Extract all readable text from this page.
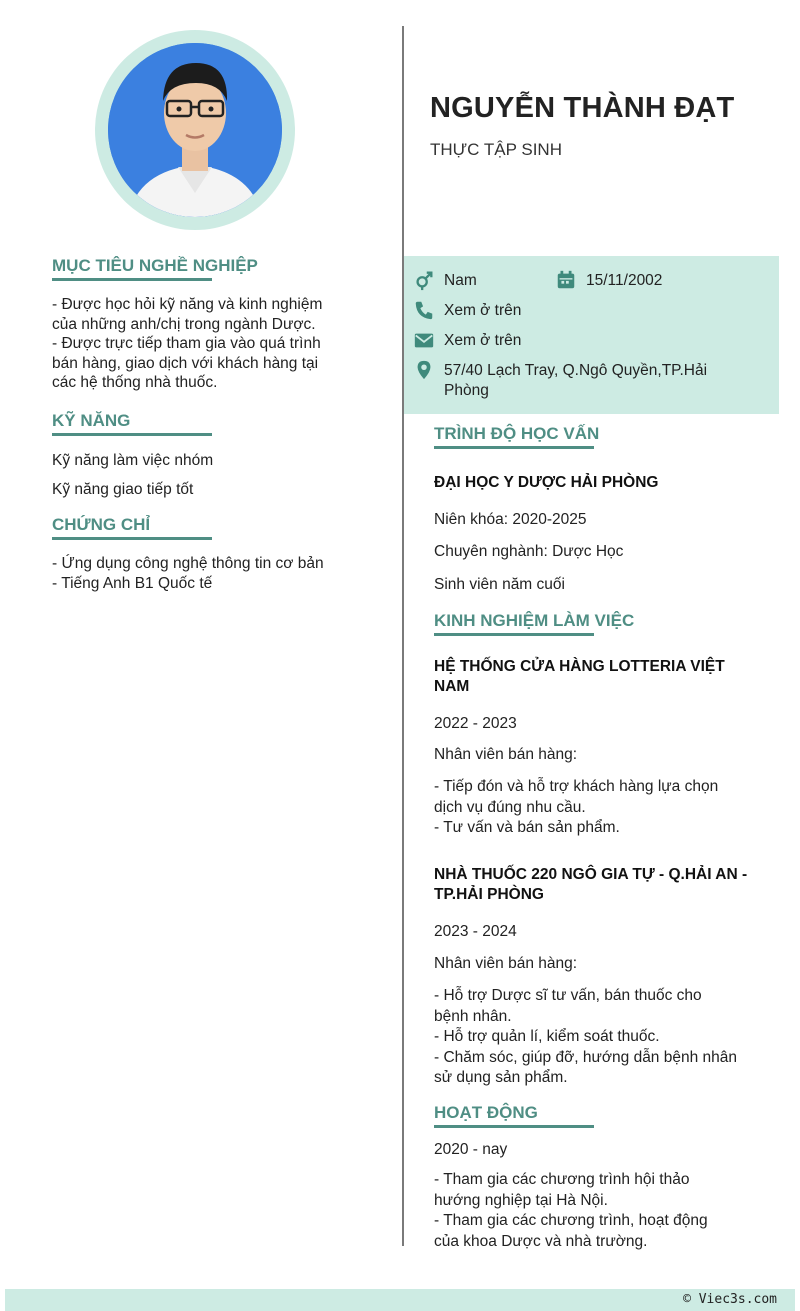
MỤC TIÊU NGHỀ NGHIỆP
- Được học hỏi kỹ năng và kinh nghiệm
của những anh/chị trong ngành Dược.
- Được trực tiếp tham gia vào quá trình
bán hàng, giao dịch với khách hàng tại
các hệ thống nhà thuốc.
KỸ NĂNG
Kỹ năng làm việc nhóm
Kỹ năng giao tiếp tốt
CHỨNG CHỈ
- Ứng dụng công nghệ thông tin cơ bản
- Tiếng Anh B1 Quốc tế
NGUYỄN THÀNH ĐẠT
THỰC TẬP SINH
Nam	15/11/2002
Xem ở trên
Xem ở trên
57/40 Lạch Tray, Q.Ngô Quyền,TP.Hải Phòng
TRÌNH ĐỘ HỌC VẤN
ĐẠI HỌC Y DƯỢC HẢI PHÒNG
Niên khóa: 2020-2025
Chuyên nghành: Dược Học
Sinh viên năm cuối
KINH NGHIỆM LÀM VIỆC
HỆ THỐNG CỬA HÀNG LOTTERIA VIỆT
NAM
2022 - 2023
Nhân viên bán hàng:
- Tiếp đón và hỗ trợ khách hàng lựa chọn
dịch vụ đúng nhu cầu.
- Tư vấn và bán sản phẩm.
NHÀ THUỐC 220 NGÔ GIA TỰ - Q.HẢI AN -
TP.HẢI PHÒNG
2023 - 2024
Nhân viên bán hàng:
- Hỗ trợ Dược sĩ tư vấn, bán thuốc cho
bệnh nhân.
- Hỗ trợ quản lí, kiểm soát thuốc.
- Chăm sóc, giúp đỡ, hướng dẫn bệnh nhân
sử dụng sản phẩm.
HOẠT ĐỘNG
2020 - nay
- Tham gia các chương trình hội thảo
hướng nghiệp tại Hà Nội.
- Tham gia các chương trình, hoạt động
của khoa Dược và nhà trường.
© Viec3s.com
